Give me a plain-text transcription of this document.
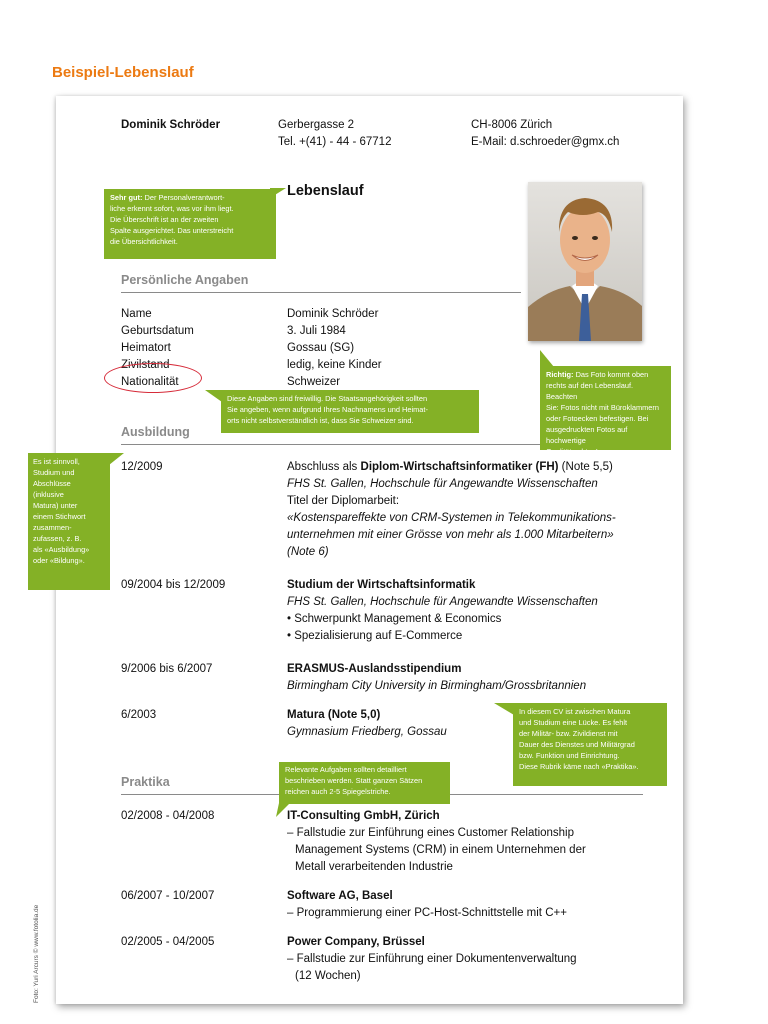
Beispiel-Lebenslauf
Dominik Schröder	Gerbergasse 2
Tel. +(41) - 44 - 67712
CH-8006 Zürich
E-Mail: d.schroeder@gmx.ch
Lebenslauf
Persönliche Angaben
Name	Dominik Schröder
Geburtsdatum	3. Juli 1984
Heimatort	Gossau (SG)
Zivilstand	ledig, keine Kinder
Nationalität	Schweizer
Ausbildung
12/2009	Abschluss als Diplom-Wirtschaftsinformatiker (FH) (Note 5,5)
FHS St. Gallen, Hochschule für Angewandte Wissenschaften
Titel der Diplomarbeit:
«Kostensparеffekte von CRM-Systemen in Telekommunikations-
unternehmen mit einer Grösse von mehr als 1.000 Mitarbeitern»
(Note 6)
09/2004 bis 12/2009	Studium der Wirtschaftsinformatik
FHS St. Gallen, Hochschule für Angewandte Wissenschaften
• Schwerpunkt Management & Economics
• Spezialisierung auf E-Commerce
9/2006 bis 6/2007	ERASMUS-Auslandsstipendium
Birmingham City University in Birmingham/Grossbritannien
6/2003	Matura (Note 5,0)
Gymnasium Friedberg, Gossau
Praktika
02/2008 - 04/2008	IT-Consulting GmbH, Zürich
– Fallstudie zur Einführung eines Customer Relationship
Management Systems (CRM) in einem Unternehmen der
Metall verarbeitenden Industrie
06/2007 - 10/2007	Software AG, Basel
– Programmierung einer PC-Host-Schnittstelle mit C++
02/2005 - 04/2005	Power Company, Brüssel
– Fallstudie zur Einführung einer Dokumentenverwaltung
(12 Wochen)
Sehr gut: Der Personalverantwort-
liche erkennt sofort, was vor ihm liegt.
Die Überschrift ist an der zweiten
Spalte ausgerichtet. Das unterstreicht
die Übersichtlichkeit.
Richtig: Das Foto kommt oben
rechts auf den Lebenslauf. Beachten
Sie: Fotos nicht mit Büroklammern
oder Fotoecken befestigen. Bei
ausgedruckten Fotos auf hochwertige
Qualität achten!
Diese Angaben sind freiwillig. Die Staatsangehörigkeit sollten
Sie angeben, wenn aufgrund Ihres Nachnamens und Heimat-
orts nicht selbstverständlich ist, dass Sie Schweizer sind.
Es ist sinnvoll,
Studium und
Abschlüsse
(inklusive
Matura) unter
einem Stichwort
zusammen-
zufassen, z. B.
als «Ausbildung»
oder «Bildung».
In diesem CV ist zwischen Matura
und Studium eine Lücke. Es fehlt
der Militär- bzw. Zivildienst mit
Dauer des Dienstes und Militärgrad
bzw. Funktion und Einrichtung.
Diese Rubrik käme nach «Praktika».
Relevante Aufgaben sollten detailliert
beschrieben werden. Statt ganzen Sätzen
reichen auch 2-5 Spiegelstriche.
Foto: Yuri Arcurs © www.fotolia.de
